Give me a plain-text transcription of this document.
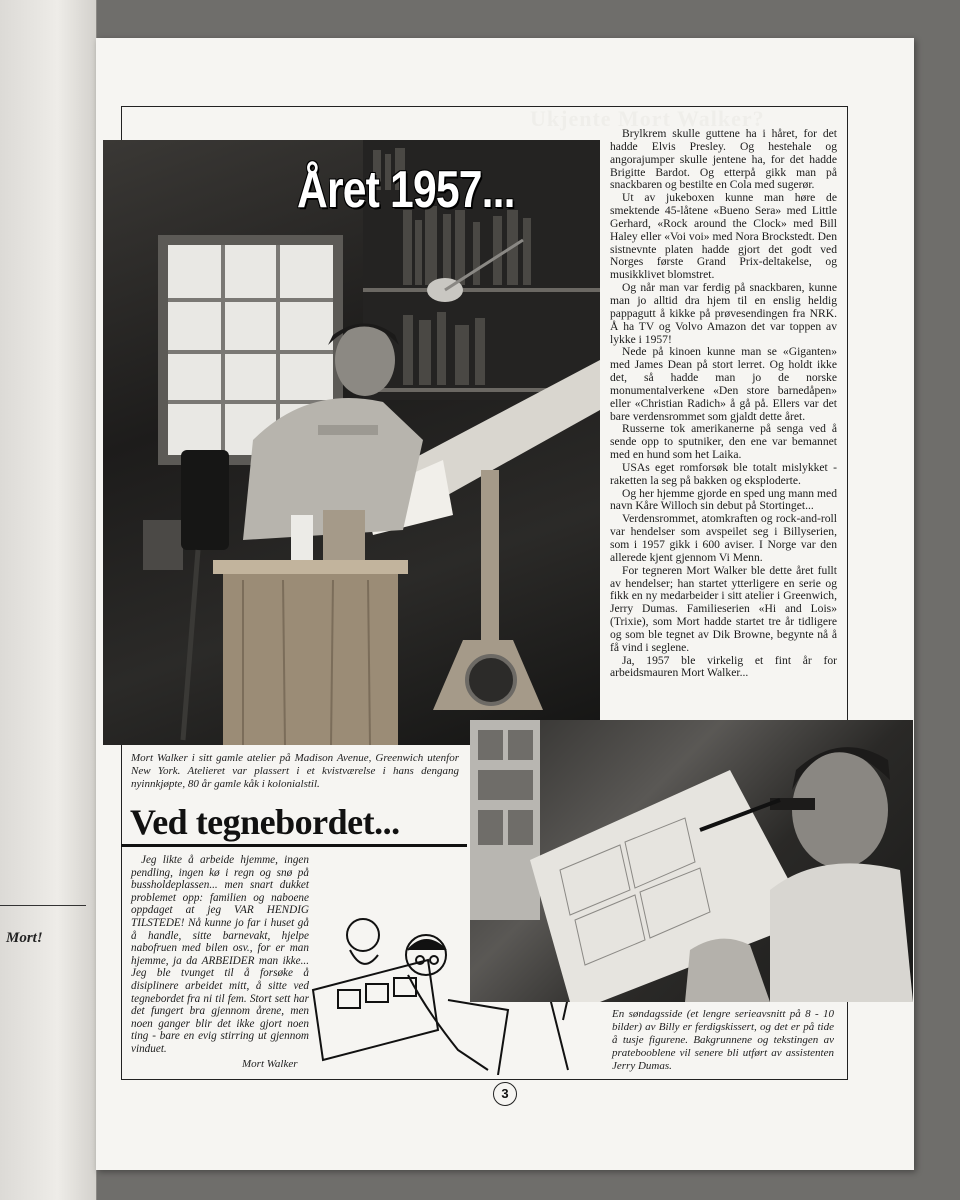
Mort!
Ukjente Mort Walker?
Året 1957...

Brylkrem skulle guttene ha i håret, for det hadde Elvis Presley. Og hestehale og angorajumper skulle jentene ha, for det hadde Brigitte Bardot. Og etterpå gikk man på snackbaren og bestilte en Cola med sugerør.

Ut av jukeboxen kunne man høre de smektende 45-låtene «Bueno Sera» med Little Gerhard, «Rock around the Clock» med Bill Haley eller «Voi voi» med Nora Brockstedt. Den sistnevnte platen hadde gjort det godt ved Norges første Grand Prix-deltakelse, og musikklivet blomstret.

Og når man var ferdig på snackbaren, kunne man jo alltid dra hjem til en enslig heldig pappagutt å kikke på prøvesendingen fra NRK. Å ha TV og Volvo Amazon det var toppen av lykke i 1957!

Nede på kinoen kunne man se «Giganten» med James Dean på stort lerret. Og holdt ikke det, så hadde man jo de norske monumentalverkene «Den store barnedåpen» eller «Christian Radich» å gå på. Ellers var det bare verdensrommet som gjaldt dette året.

Russerne tok amerikanerne på senga ved å sende opp to sputniker, den ene var bemannet med en hund som het Laika.

USAs eget romforsøk ble totalt mislykket - raketten la seg på bakken og eksploderte.

Og her hjemme gjorde en sped ung mann med navn Kåre Willoch sin debut på Stortinget...

Verdensrommet, atomkraften og rock-and-roll var hendelser som avspeilet seg i Billyserien, som i 1957 gikk i 600 aviser. I Norge var den allerede kjent gjennom Vi Menn.

For tegneren Mort Walker ble dette året fullt av hendelser; han startet ytterligere en serie og fikk en ny medarbeider i sitt atelier i Greenwich, Jerry Dumas. Familieserien «Hi and Lois» (Trixie), som Mort hadde startet tre år tidligere og som ble tegnet av Dik Browne, begynte nå å få vind i seglene.

Ja, 1957 ble virkelig et fint år for arbeidsmauren Mort Walker...

Mort Walker i sitt gamle atelier på Madison Avenue, Greenwich utenfor New York. Atelieret var plassert i et kvistværelse i hans dengang nyinnkjøpte, 80 år gamle kåk i kolonialstil.
Ved tegnebordet...

Jeg likte å arbeide hjemme, ingen pendling, ingen kø i regn og snø på bussholdeplassen... men snart dukket problemet opp: familien og naboene oppdaget at jeg VAR HENDIG TILSTEDE! Nå kunne jo far i huset gå å handle, sitte barnevakt, hjelpe nabofruen med bilen osv., for er man hjemme, ja da ARBEIDER man ikke... Jeg ble tvunget til å forsøke å disiplinere arbeidet mitt, å sitte ved tegnebordet fra ni til fem. Stort sett har det fungert bra gjennom årene, men noen ganger blir det ikke gjort noen ting - bare en evig stirring ut gjennom vinduet.

Mort Walker
En søndagsside (et lengre serieavsnitt på 8 - 10 bilder) av Billy er ferdigskissert, og det er på tide å tusje figurene. Bakgrunnene og tekstingen av pratebooblene vil senere bli utført av assistenten Jerry Dumas.
3
